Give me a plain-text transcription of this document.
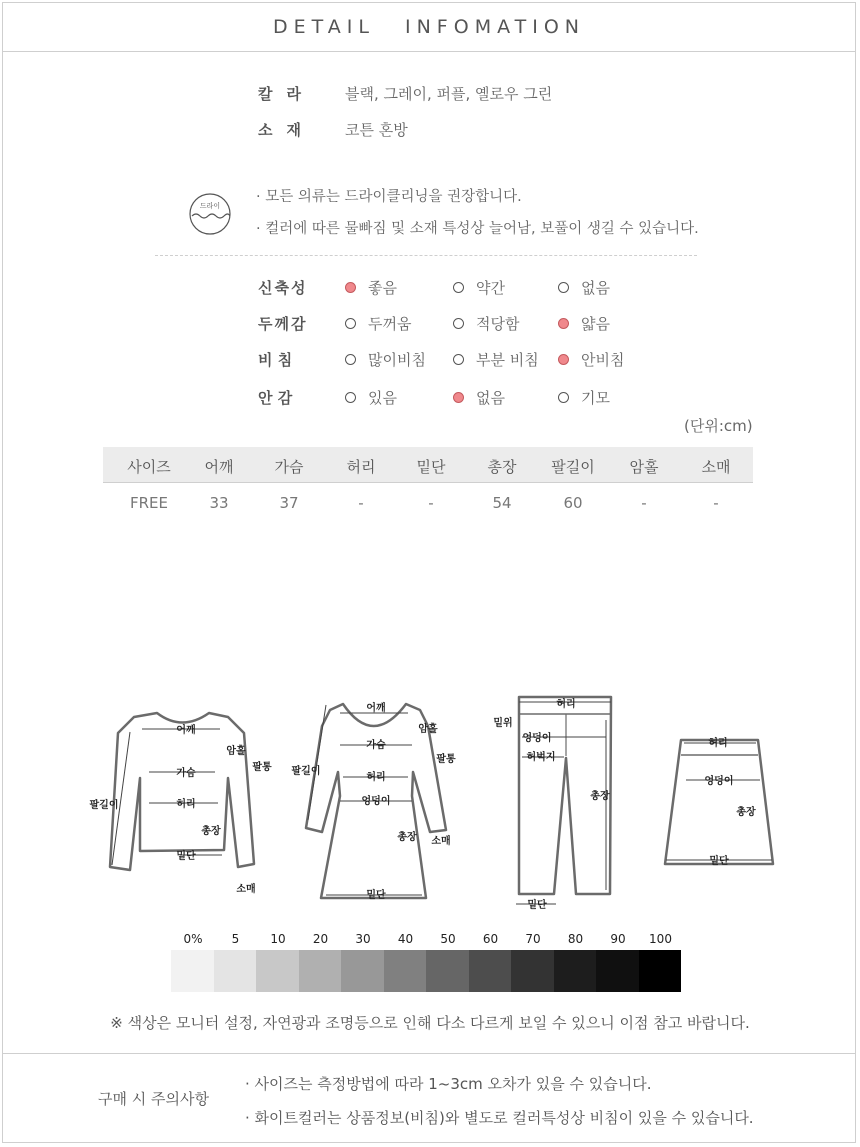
DETAIL INFOMATION
칼라 블랙, 그레이, 퍼플, 옐로우 그린
소재 코튼 혼방
드라이
· 모든 의류는 드라이클리닝을 권장합니다.
· 컬러에 따른 물빠짐 및 소재 특성상 늘어남, 보풀이 생길 수 있습니다.
신축성	좋음	약간	없음
두께감	두꺼움	적당함	얇음
비 침	많이비침	부분 비침	안비침
안 감	있음	없음	기모
(단위:cm)
사이즈	어깨	가슴	허리	밑단	총장	팔길이	암홀	소매
FREE	33	37	-	-	54	60	-	-
어깨
암홀
팔통
가슴
허리
팔길이
총장
밑단
소매
어깨
암홀
가슴
팔통
팔길이
허리
엉덩이
총장 소매
밑단
허리
밑위
엉덩이
허벅지
총장
밑단
허리
엉덩이
총장
밑단
0%	5	10	20	30	40	50	60	70	80	90	100
※ 색상은 모니터 설정, 자연광과 조명등으로 인해 다소 다르게 보일 수 있으니 이점 참고 바랍니다.
구매 시 주의사항
· 사이즈는 측정방법에 따라 1~3cm 오차가 있을 수 있습니다.
· 화이트컬러는 상품정보(비침)와 별도로 컬러특성상 비침이 있을 수 있습니다.
